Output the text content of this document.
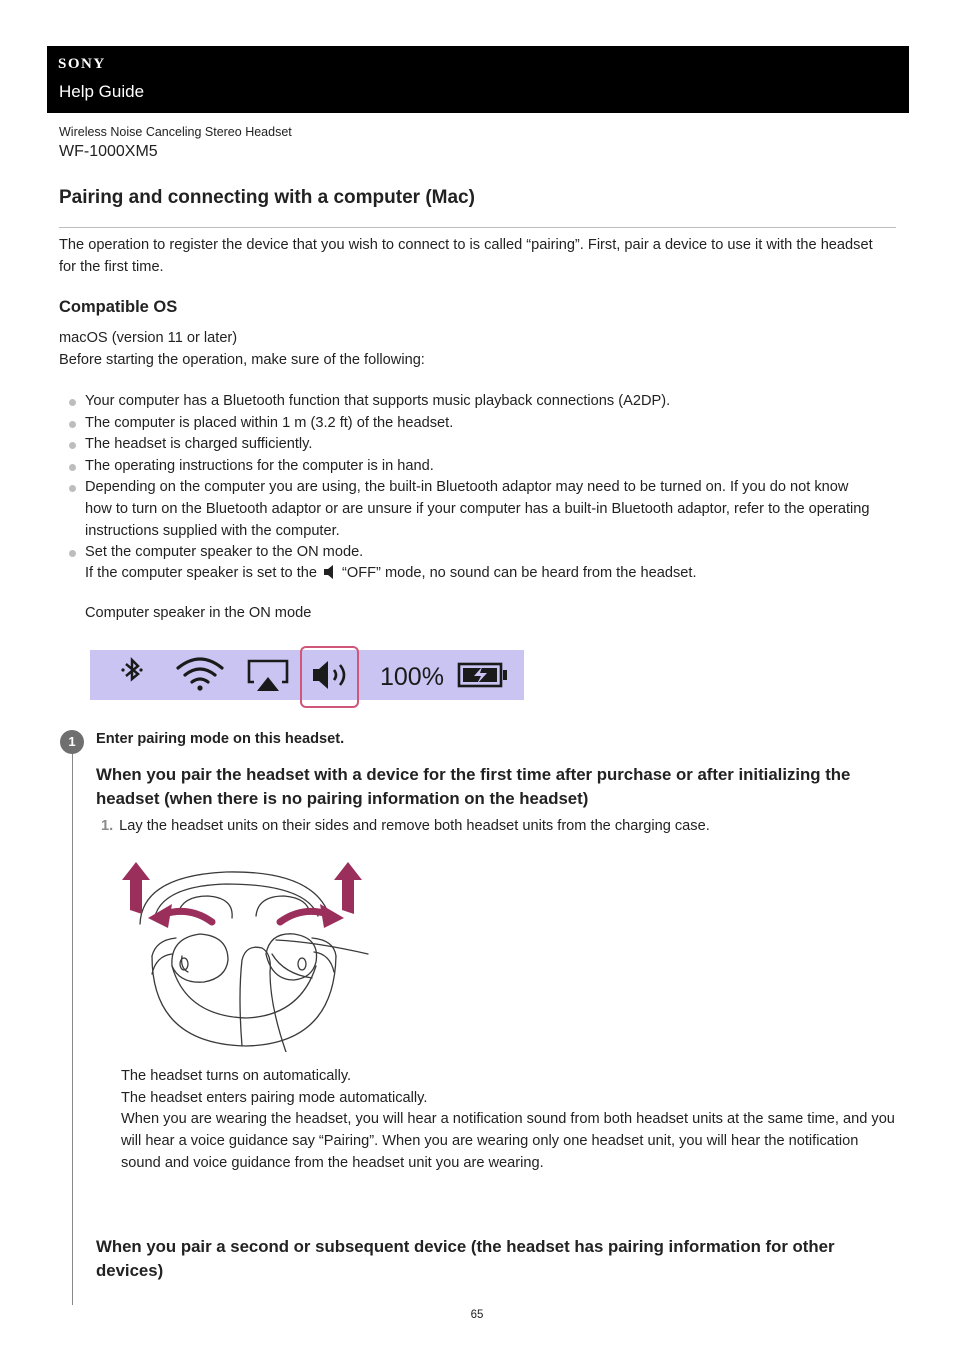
SONY
Help Guide
Wireless Noise Canceling Stereo Headset
WF-1000XM5
Pairing and connecting with a computer (Mac)
The operation to register the device that you wish to connect to is called “pairing”. First, pair a device to use it with the headset for the first time.
Compatible OS
macOS (version 11 or later)
Before starting the operation, make sure of the following:
Your computer has a Bluetooth function that supports music playback connections (A2DP).
The computer is placed within 1 m (3.2 ft) of the headset.
The headset is charged sufficiently.
The operating instructions for the computer is in hand.
Depending on the computer you are using, the built-in Bluetooth adaptor may need to be turned on. If you do not know how to turn on the Bluetooth adaptor or are unsure if your computer has a built-in Bluetooth adaptor, refer to the operating instructions supplied with the computer.
Set the computer speaker to the ON mode.
If the computer speaker is set to the “OFF” mode, no sound can be heard from the headset.
Computer speaker in the ON mode
100%
1	Enter pairing mode on this headset.
When you pair the headset with a device for the first time after purchase or after initializing the headset (when there is no pairing information on the headset)
1. Lay the headset units on their sides and remove both headset units from the charging case.
The headset turns on automatically.
The headset enters pairing mode automatically.
When you are wearing the headset, you will hear a notification sound from both headset units at the same time, and you will hear a voice guidance say “Pairing”. When you are wearing only one headset unit, you will hear the notification sound and voice guidance from the headset unit you are wearing.
When you pair a second or subsequent device (the headset has pairing information for other devices)
65
